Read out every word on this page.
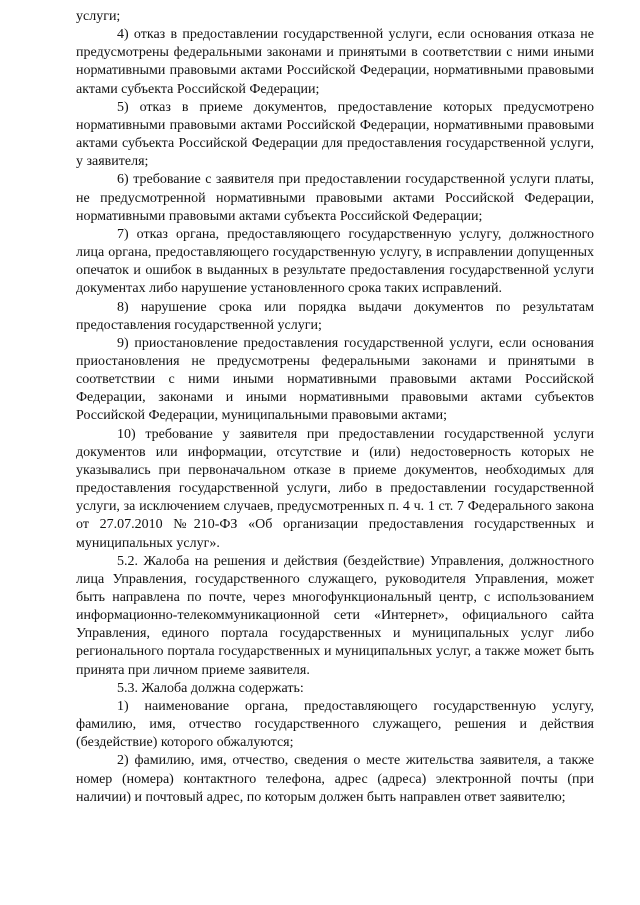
услуги;

4) отказ в предоставлении государственной услуги, если основания отказа не предусмотрены федеральными законами и принятыми в соответствии с ними иными нормативными правовыми актами Российской Федерации, нормативными правовыми актами субъекта Российской Федерации;

5) отказ в приеме документов, предоставление которых предусмотрено нормативными правовыми актами Российской Федерации, нормативными правовыми актами субъекта Российской Федерации для предоставления государственной услуги, у заявителя;

6) требование с заявителя при предоставлении государственной услуги платы, не предусмотренной нормативными правовыми актами Российской Федерации, нормативными правовыми актами субъекта Российской Федерации;

7) отказ органа, предоставляющего государственную услугу, должностного лица органа, предоставляющего государственную услугу, в исправлении допущенных опечаток и ошибок в выданных в результате предоставления государственной услуги документах либо нарушение установленного срока таких исправлений.

8) нарушение срока или порядка выдачи документов по результатам предоставления государственной услуги;

9) приостановление предоставления государственной услуги, если основания приостановления не предусмотрены федеральными законами и принятыми в соответствии с ними иными нормативными правовыми актами Российской Федерации, законами и иными нормативными правовыми актами субъектов Российской Федерации, муниципальными правовыми актами;

10) требование у заявителя при предоставлении государственной услуги документов или информации, отсутствие и (или) недостоверность которых не указывались при первоначальном отказе в приеме документов, необходимых для предоставления государственной услуги, либо в предоставлении государственной услуги, за исключением случаев, предусмотренных п. 4 ч. 1 ст. 7 Федерального закона от 27.07.2010 №210-ФЗ «Об организации предоставления государственных и муниципальных услуг».

5.2. Жалоба на решения и действия (бездействие) Управления, должностного лица Управления, государственного служащего, руководителя Управления, может быть направлена по почте, через многофункциональный центр, с использованием информационно-телекоммуникационной сети «Интернет», официального сайта Управления, единого портала государственных и муниципальных услуг либо регионального портала государственных и муниципальных услуг, а также может быть принята при личном приеме заявителя.

5.3. Жалоба должна содержать:

1) наименование органа, предоставляющего государственную услугу, фамилию, имя, отчество государственного служащего, решения и действия (бездействие) которого обжалуются;

2) фамилию, имя, отчество, сведения о месте жительства заявителя, а также номер (номера) контактного телефона, адрес (адреса) электронной почты (при наличии) и почтовый адрес, по которым должен быть направлен ответ заявителю;
